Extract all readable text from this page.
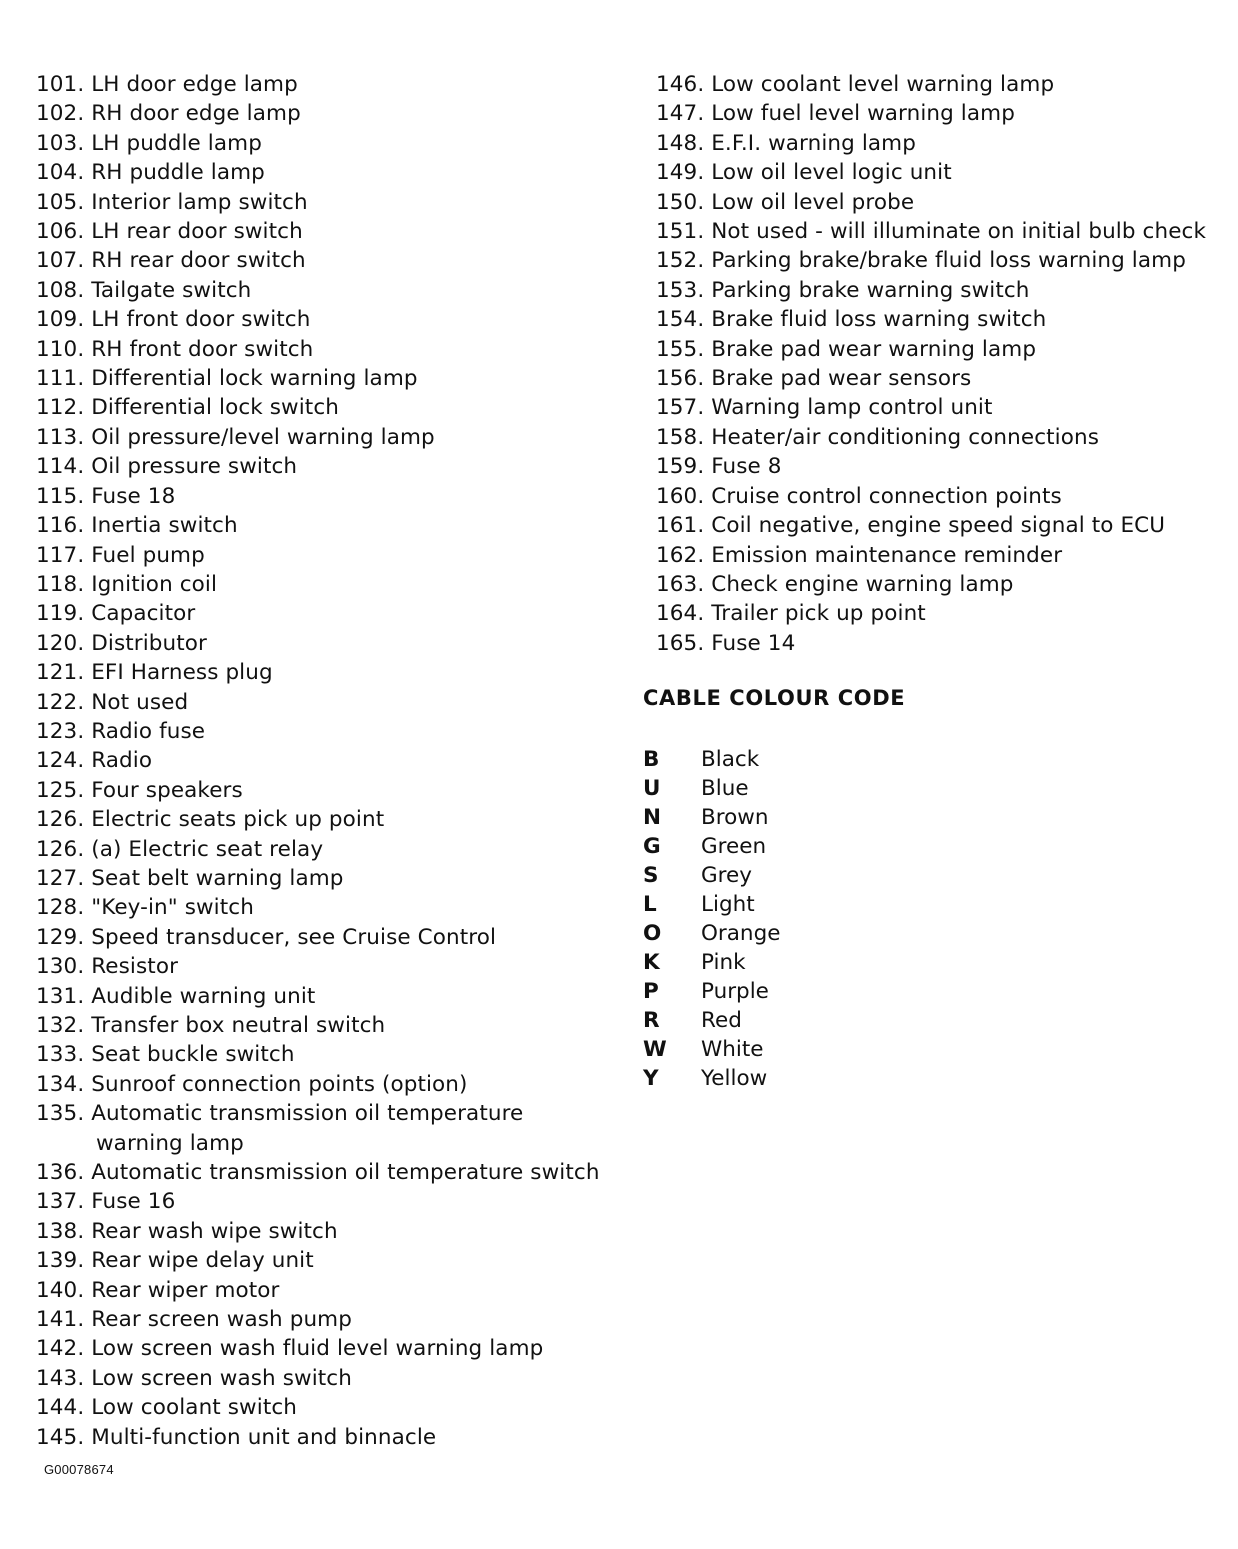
101. LH door edge lamp
102. RH door edge lamp
103. LH puddle lamp
104. RH puddle lamp
105. Interior lamp switch
106. LH rear door switch
107. RH rear door switch
108. Tailgate switch
109. LH front door switch
110. RH front door switch
111. Differential lock warning lamp
112. Differential lock switch
113. Oil pressure/level warning lamp
114. Oil pressure switch
115. Fuse 18
116. Inertia switch
117. Fuel pump
118. Ignition coil
119. Capacitor
120. Distributor
121. EFI Harness plug
122. Not used
123. Radio fuse
124. Radio
125. Four speakers
126. Electric seats pick up point
126. (a) Electric seat relay
127. Seat belt warning lamp
128. "Key-in" switch
129. Speed transducer, see Cruise Control
130. Resistor
131. Audible warning unit
132. Transfer box neutral switch
133. Seat buckle switch
134. Sunroof connection points (option)
135. Automatic transmission oil temperature
warning lamp
136. Automatic transmission oil temperature switch
137. Fuse 16
138. Rear wash wipe switch
139. Rear wipe delay unit
140. Rear wiper motor
141. Rear screen wash pump
142. Low screen wash fluid level warning lamp
143. Low screen wash switch
144. Low coolant switch
145. Multi-function unit and binnacle
146. Low coolant level warning lamp
147. Low fuel level warning lamp
148. E.F.I. warning lamp
149. Low oil level logic unit
150. Low oil level probe
151. Not used - will illuminate on initial bulb check
152. Parking brake/brake fluid loss warning lamp
153. Parking brake warning switch
154. Brake fluid loss warning switch
155. Brake pad wear warning lamp
156. Brake pad wear sensors
157. Warning lamp control unit
158. Heater/air conditioning connections
159. Fuse 8
160. Cruise control connection points
161. Coil negative, engine speed signal to ECU
162. Emission maintenance reminder
163. Check engine warning lamp
164. Trailer pick up point
165. Fuse 14
CABLE COLOUR CODE
B Black
U Blue
N Brown
G Green
S Grey
L Light
O Orange
K Pink
P Purple
R Red
W White
Y Yellow
G00078674
